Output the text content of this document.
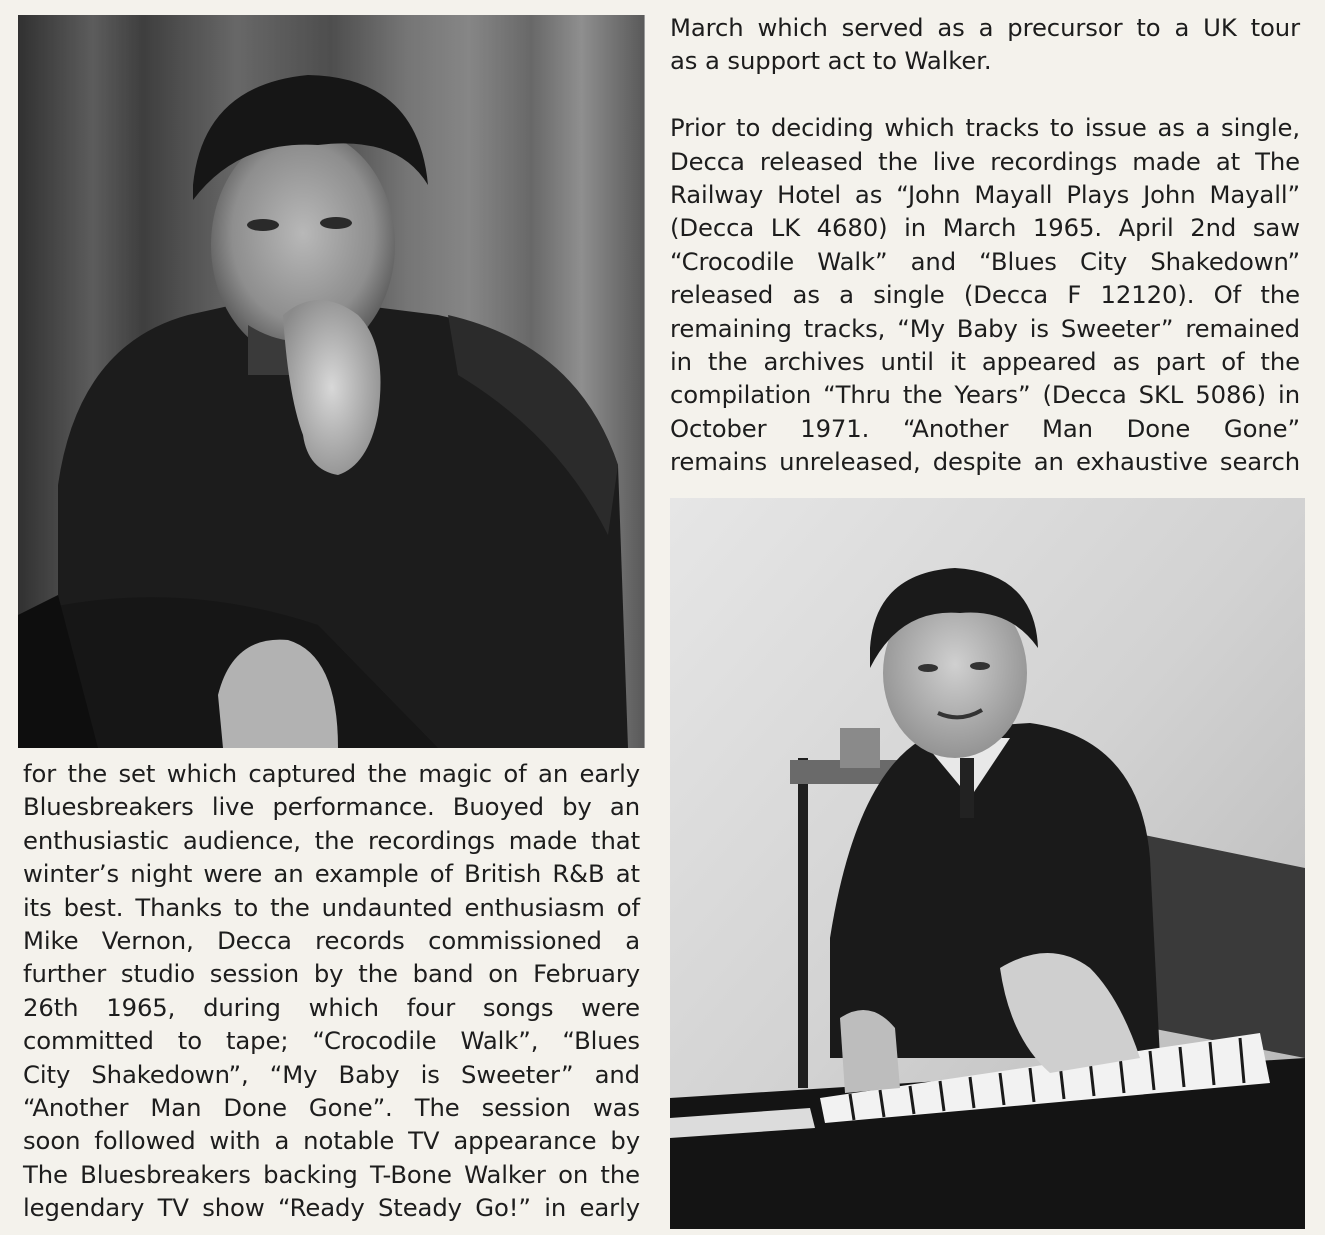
March which served as a precursor to a UK tour
as a support act to Walker.
Prior to deciding which tracks to issue as a single,
Decca released the live recordings made at The
Railway Hotel as “John Mayall Plays John Mayall”
(Decca LK 4680) in March 1965. April 2nd saw
“Crocodile Walk” and “Blues City Shakedown”
released as a single (Decca F 12120). Of the
remaining tracks, “My Baby is Sweeter” remained
in the archives until it appeared as part of the
compilation “Thru the Years” (Decca SKL 5086) in
October 1971. “Another Man Done Gone”
remains unreleased, despite an exhaustive search
for the set which captured the magic of an early
Bluesbreakers live performance. Buoyed by an
enthusiastic audience, the recordings made that
winter’s night were an example of British R&B at
its best. Thanks to the undaunted enthusiasm of
Mike Vernon, Decca records commissioned a
further studio session by the band on February
26th 1965, during which four songs were
committed to tape; “Crocodile Walk”, “Blues
City Shakedown”, “My Baby is Sweeter” and
“Another Man Done Gone”. The session was
soon followed with a notable TV appearance by
The Bluesbreakers backing T-Bone Walker on the
legendary TV show “Ready Steady Go!” in early
